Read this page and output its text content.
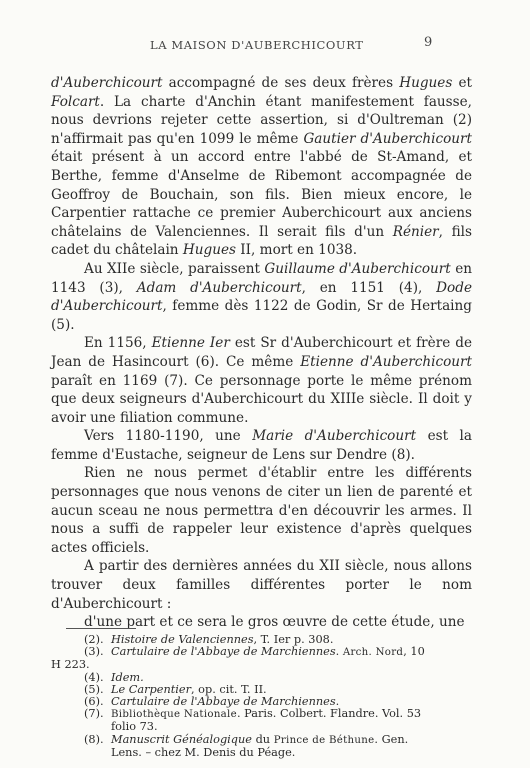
LA MAISON D'AUBERCHICOURT	9

d'Auberchicourt accompagné de ses deux frères Hugues et Folcart. La charte d'Anchin étant manifestement fausse, nous devrions rejeter cette assertion, si d'Oultreman (2) n'affirmait pas qu'en 1099 le même Gautier d'Auberchicourt était présent à un accord entre l'abbé de St-Amand, et Berthe, femme d'Anselme de Ribemont accompagnée de Geoffroy de Bouchain, son fils. Bien mieux encore, le Carpentier rattache ce premier Auberchicourt aux anciens châtelains de Valenciennes. Il serait fils d'un Rénier, fils cadet du châtelain Hugues II, mort en 1038.

Au XIIe siècle, paraissent Guillaume d'Auberchicourt en 1143 (3), Adam d'Auberchicourt, en 1151 (4), Dode d'Auberchicourt, femme dès 1122 de Godin, Sr de Hertaing (5).

En 1156, Etienne Ier est Sr d'Auberchicourt et frère de Jean de Hasincourt (6). Ce même Etienne d'Auberchicourt paraît en 1169 (7). Ce personnage porte le même prénom que deux seigneurs d'Auberchicourt du XIIIe siècle. Il doit y avoir une filiation commune.

Vers 1180-1190, une Marie d'Auberchicourt est la femme d'Eustache, seigneur de Lens sur Dendre (8).

Rien ne nous permet d'établir entre les différents personnages que nous venons de citer un lien de parenté et aucun sceau ne nous permettra d'en découvrir les armes. Il nous a suffi de rappeler leur existence d'après quelques actes officiels.

A partir des dernières années du XII siècle, nous allons trouver deux familles différentes porter le nom d'Auberchicourt :

d'une part et ce sera le gros œuvre de cette étude, une

(2). Histoire de Valenciennes, T. Ier p. 308.
(3). Cartulaire de l'Abbaye de Marchiennes. Arch. Nord, 10
H 223.
(4). Idem.
(5). Le Carpentier, op. cit. T. II.
(6). Cartulaire de l'Abbaye de Marchiennes.
(7). Bibliothèque Nationale. Paris. Colbert. Flandre. Vol. 53
folio 73.
(8). Manuscrit Généalogique du Prince de Béthune. Gen.
Lens. – chez M. Denis du Péage.
